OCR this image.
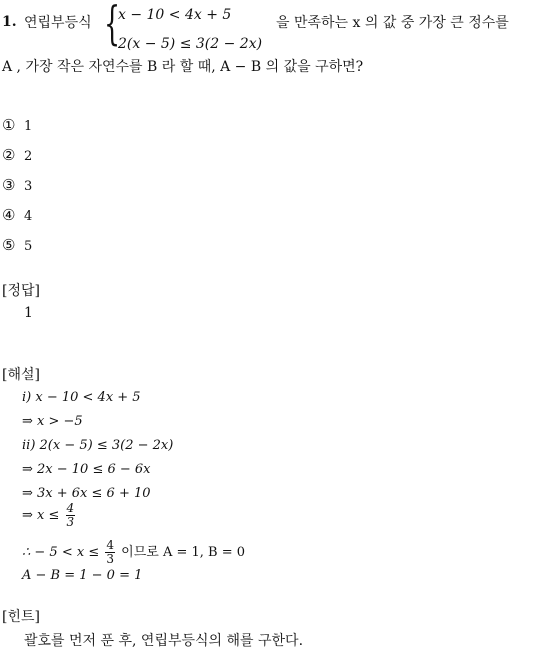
1. 연립부등식 {
x − 10 < 4x + 5
2(x − 5) ≤ 3(2 − 2x)
을 만족하는 x 의 값 중 가장 큰 정수를
A , 가장 작은 자연수를 B 라 할 때, A − B 의 값을 구하면?
① 1
② 2
③ 3
④ 4
⑤ 5
[정답]
1
[해설]
i) x − 10 < 4x + 5
⇒ x > −5
ii) 2(x − 5) ≤ 3(2 − 2x)
⇒ 2x − 10 ≤ 6 − 6x
⇒ 3x + 6x ≤ 6 + 10
⇒ $x \le \frac{4}{3}$
∴ − $5 < x \le \frac{4}{3}$ 이므로 A = 1, B = 0
A − B = 1 − 0 = 1
[힌트]
괄호를 먼저 푼 후, 연립부등식의 해를 구한다.
